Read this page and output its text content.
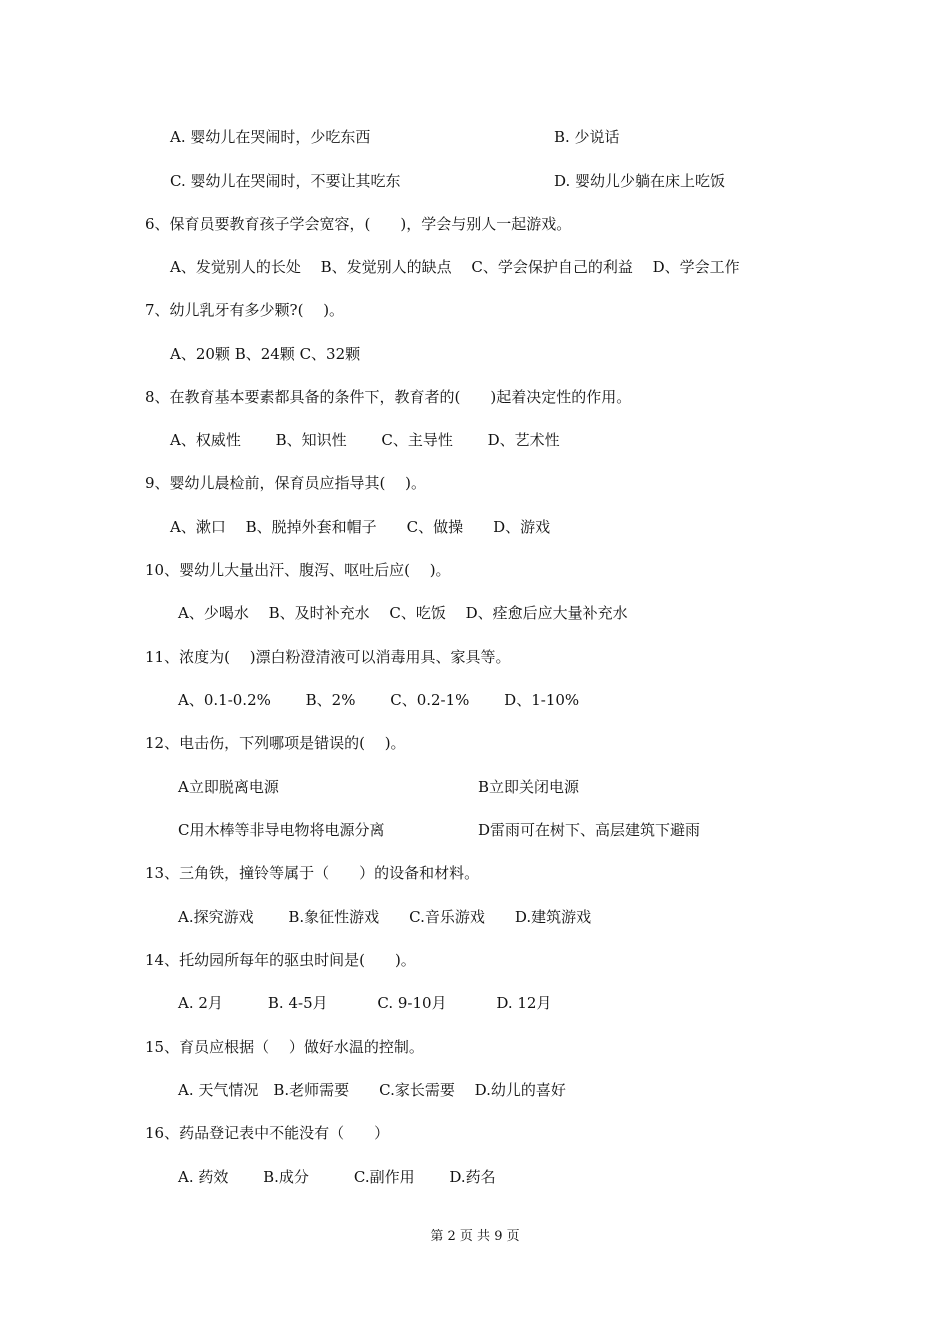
A. 婴幼儿在哭闹时，少吃东西	B. 少说话
C. 婴幼儿在哭闹时，不要让其吃东	D. 婴幼儿少躺在床上吃饭
6、保育员要教育孩子学会宽容，(　　)，学会与别人一起游戏。
A、发觉别人的长处　 B、发觉别人的缺点　 C、学会保护自己的利益　 D、学会工作
7、幼儿乳牙有多少颗?(　 )。
A、20颗 B、24颗 C、32颗
8、在教育基本要素都具备的条件下，教育者的(　　)起着决定性的作用。
A、权威性　　 B、知识性　　 C、主导性　　 D、艺术性
9、婴幼儿晨检前，保育员应指导其(　 )。
A、漱口　 B、脱掉外套和帽子　　C、做操　　D、游戏
10、婴幼儿大量出汗、腹泻、呕吐后应(　 )。
A、少喝水　 B、及时补充水　 C、吃饭　 D、痊愈后应大量补充水
11、浓度为(　 )漂白粉澄清液可以消毒用具、家具等。
A、0.1-0.2%　　 B、2%　　 C、0.2-1%　　 D、1-10%
12、电击伤，下列哪项是错误的(　 )。
A立即脱离电源	B立即关闭电源
C用木棒等非导电物将电源分离	D雷雨可在树下、高层建筑下避雨
13、三角铁，撞铃等属于（　　）的设备和材料。
A.探究游戏　　 B.象征性游戏　　C.音乐游戏　　D.建筑游戏
14、托幼园所每年的驱虫时间是(　　)。
A. 2月　　　B. 4-5月　　　 C. 9-10月　　　 D. 12月
15、育员应根据（　 ）做好水温的控制。
A. 天气情况　B.老师需要　　C.家长需要　 D.幼儿的喜好
16、药品登记表中不能没有（　　）
A. 药效　　 B.成分　　　C.副作用　　 D.药名
第 2 页 共 9 页
